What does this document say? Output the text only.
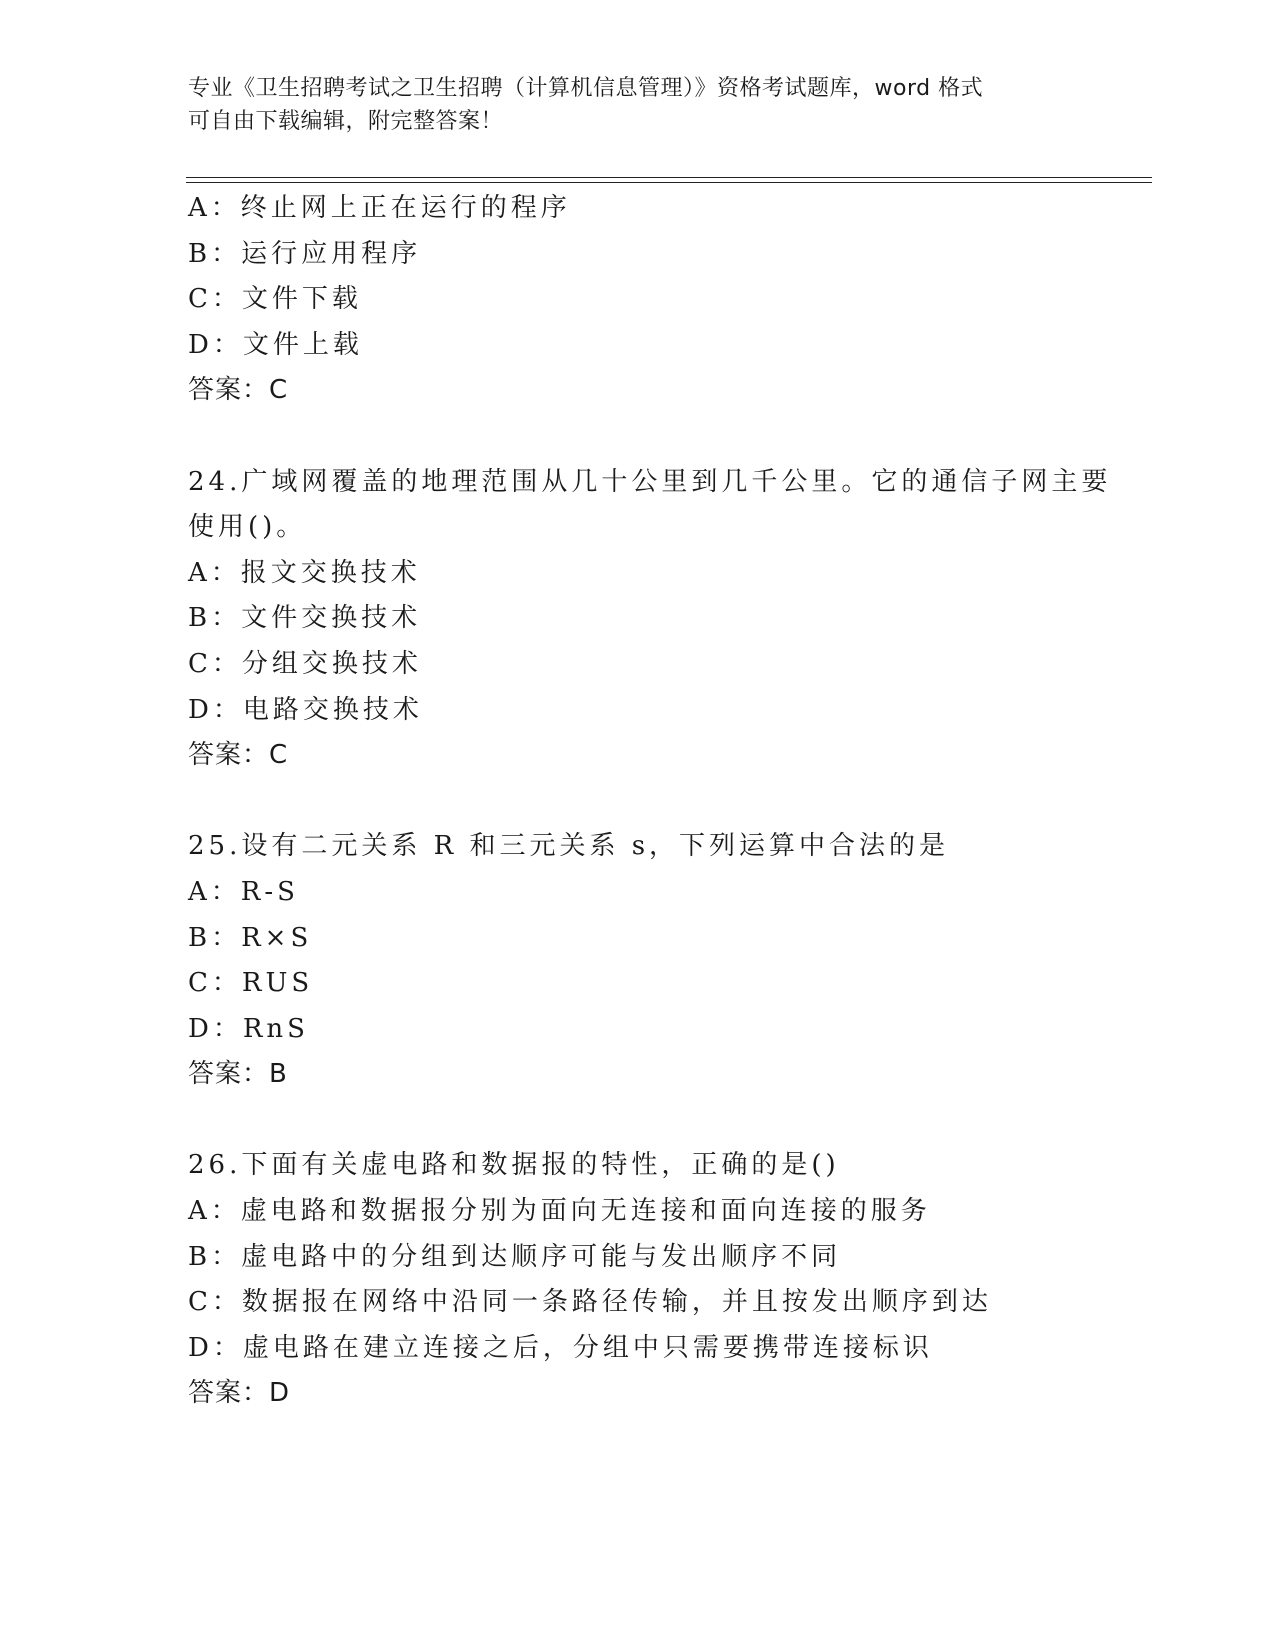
专业《卫生招聘考试之卫生招聘（计算机信息管理）》资格考试题库，word 格式
可自由下载编辑，附完整答案！
A：终止网上正在运行的程序
B：运行应用程序
C：文件下载
D：文件上载
答案：C
24.广域网覆盖的地理范围从几十公里到几千公里。它的通信子网主要
使用()。
A：报文交换技术
B：文件交换技术
C：分组交换技术
D：电路交换技术
答案：C
25.设有二元关系 R 和三元关系 s，下列运算中合法的是
A：R-S
B：R×S
C：RUS
D：RnS
答案：B
26.下面有关虚电路和数据报的特性，正确的是()
A：虚电路和数据报分别为面向无连接和面向连接的服务
B：虚电路中的分组到达顺序可能与发出顺序不同
C：数据报在网络中沿同一条路径传输，并且按发出顺序到达
D：虚电路在建立连接之后，分组中只需要携带连接标识
答案：D
